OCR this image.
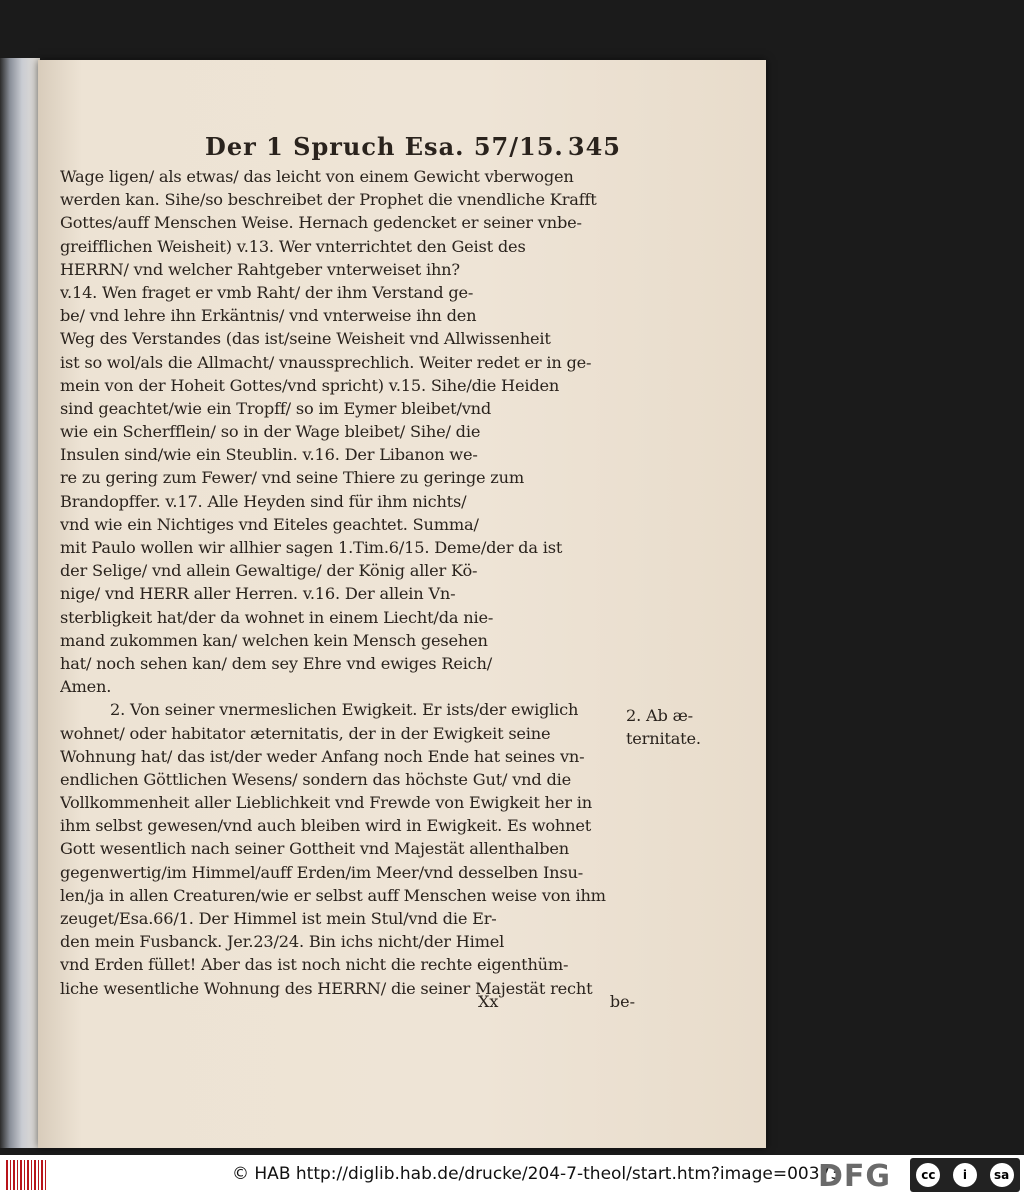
Der 1 Spruch Esa. 57/15. 345
Wage ligen/ als etwas/ das leicht von einem Gewicht vberwogen
werden kan. Sihe/so beschreibet der Prophet die vnendliche Krafft
Gottes/auff Menschen Weise. Hernach gedencket er seiner vnbe-
greifflichen Weisheit) v.13. Wer vnterrichtet den Geist des
HERRN/ vnd welcher Rahtgeber vnterweiset ihn?
v.14. Wen fraget er vmb Raht/ der ihm Verstand ge-
be/ vnd lehre ihn Erkäntnis/ vnd vnterweise ihn den
Weg des Verstandes (das ist/seine Weisheit vnd Allwissenheit
ist so wol/als die Allmacht/ vnaussprechlich. Weiter redet er in ge-
mein von der Hoheit Gottes/vnd spricht) v.15. Sihe/die Heiden
sind geachtet/wie ein Tropff/ so im Eymer bleibet/vnd
wie ein Scherfflein/ so in der Wage bleibet/ Sihe/ die
Insulen sind/wie ein Steublin. v.16. Der Libanon we-
re zu gering zum Fewer/ vnd seine Thiere zu geringe zum
Brandopffer. v.17. Alle Heyden sind für ihm nichts/
vnd wie ein Nichtiges vnd Eiteles geachtet. Summa/
mit Paulo wollen wir allhier sagen 1.Tim.6/15. Deme/der da ist
der Selige/ vnd allein Gewaltige/ der König aller Kö-
nige/ vnd HERR aller Herren. v.16. Der allein Vn-
sterbligkeit hat/der da wohnet in einem Liecht/da nie-
mand zukommen kan/ welchen kein Mensch gesehen
hat/ noch sehen kan/ dem sey Ehre vnd ewiges Reich/
Amen.
2. Von seiner vnermeslichen Ewigkeit. Er ists/der ewiglich
wohnet/ oder habitator æternitatis, der in der Ewigkeit seine
Wohnung hat/ das ist/der weder Anfang noch Ende hat seines vn-
endlichen Göttlichen Wesens/ sondern das höchste Gut/ vnd die
Vollkommenheit aller Lieblichkeit vnd Frewde von Ewigkeit her in
ihm selbst gewesen/vnd auch bleiben wird in Ewigkeit. Es wohnet
Gott wesentlich nach seiner Gottheit vnd Majestät allenthalben
gegenwertig/im Himmel/auff Erden/im Meer/vnd desselben Insu-
len/ja in allen Creaturen/wie er selbst auff Menschen weise von ihm
zeuget/Esa.66/1. Der Himmel ist mein Stul/vnd die Er-
den mein Fusbanck. Jer.23/24. Bin ichs nicht/der Himel
vnd Erden füllet! Aber das ist noch nicht die rechte eigenthüm-
liche wesentliche Wohnung des HERRN/ die seiner Majestät recht
2. Ab æ-
ternitate.
Xx	be-
© HAB http://diglib.hab.de/drucke/204-7-theol/start.htm?image=00373
DFG	cc	i	sa
